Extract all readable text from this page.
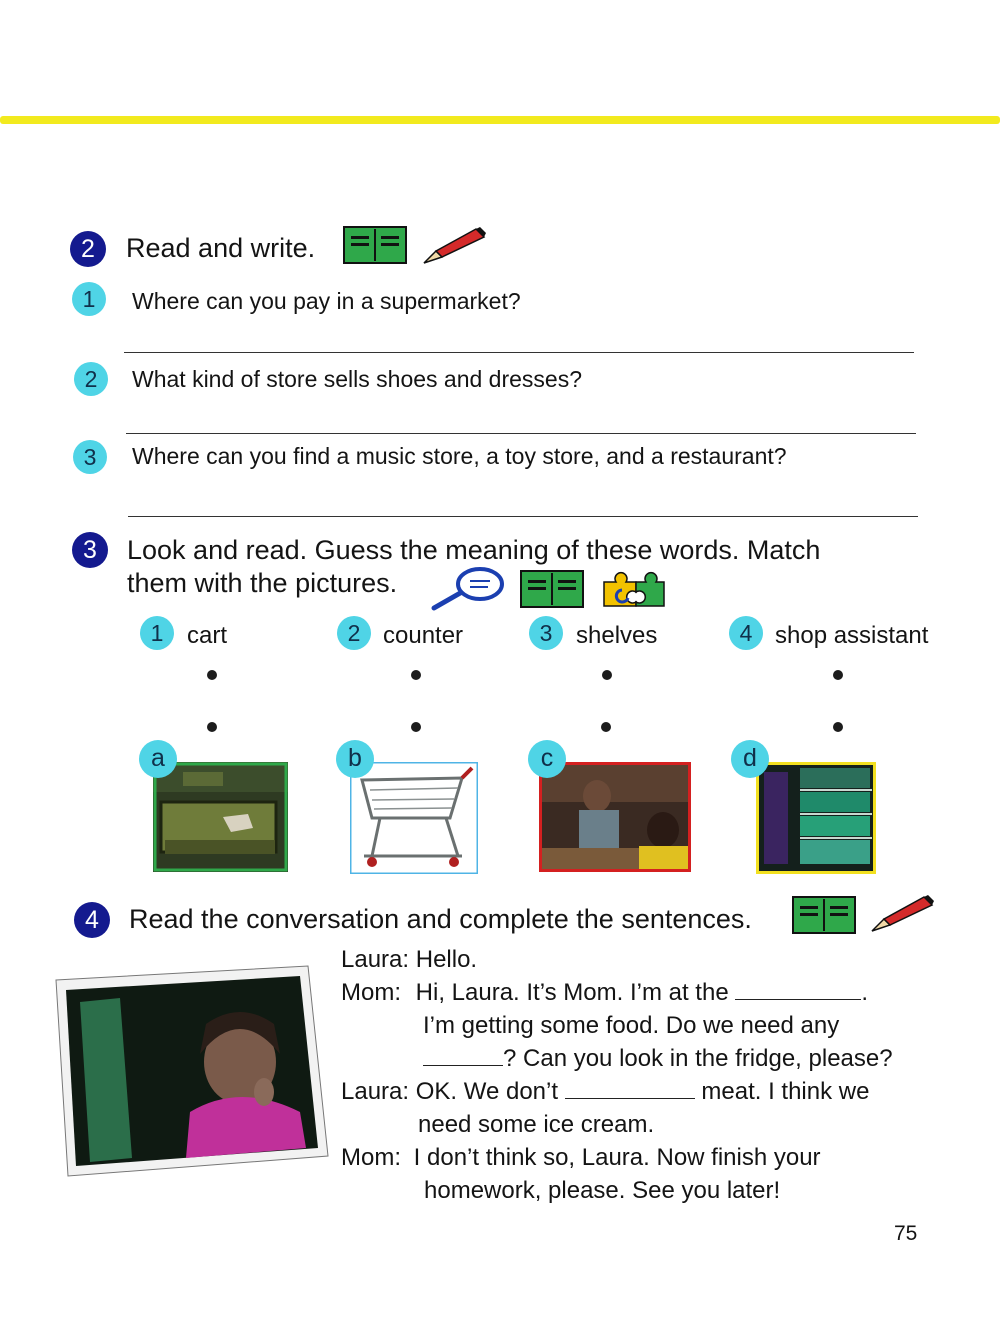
2	Read and write.
1	Where can you pay in a supermarket?
2	What kind of store sells shoes and dresses?
3	Where can you find a music store, a toy store, and a restaurant?
3	Look and read. Guess the meaning of these words. Match
them with the pictures.
1 cart	2 counter	3 shelves	4 shop assistant
a	b	c	d
4	Read the conversation and complete the sentences.
Laura: Hello.
Mom: Hi, Laura. It’s Mom. I’m at the	.
I’m getting some food. Do we need any
? Can you look in the fridge, please?
Laura: OK. We don’t	meat. I think we
need some ice cream.
Mom: I don’t think so, Laura. Now finish your
homework, please. See you later!
75
